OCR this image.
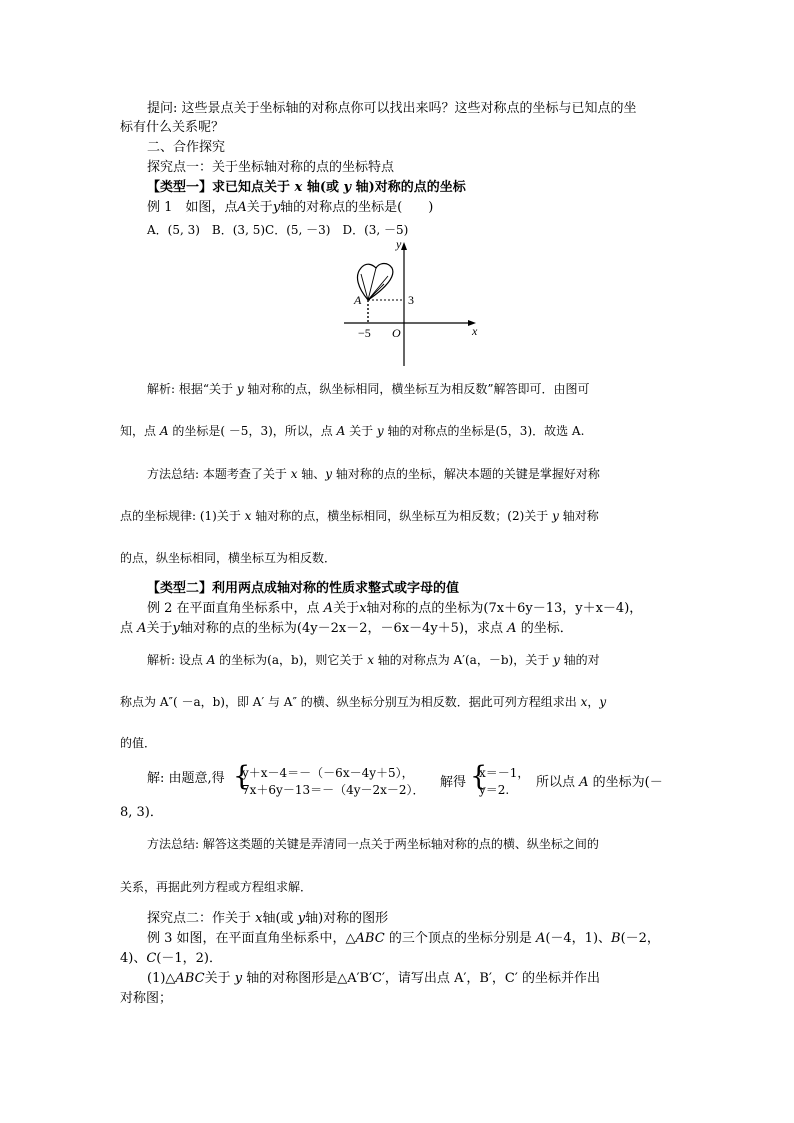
提问: 这些景点关于坐标轴的对称点你可以找出来吗？这些对称点的坐标与已知点的坐
标有什么关系呢？
二、合作探究
探究点一：关于坐标轴对称的点的坐标特点
【类型一】求已知点关于 x 轴(或 y 轴)对称的点的坐标
例 1　如图，点A关于y轴的对称点的坐标是(　　)
A．(5, 3)　B．(3, 5)C．(5, －3)　D．(3, －5)
y
x
A	3
−5 O
解析: 根据“关于 y 轴对称的点，纵坐标相同，横坐标互为相反数”解答即可．由图可
知，点 A 的坐标是( －5，3)，所以，点 A 关于 y 轴的对称点的坐标是(5，3)．故选 A.
方法总结: 本题考查了关于 x 轴、y 轴对称的点的坐标，解决本题的关键是掌握好对称
点的坐标规律: (1)关于 x 轴对称的点，横坐标相同，纵坐标互为相反数；(2)关于 y 轴对称
的点，纵坐标相同，横坐标互为相反数．
【类型二】利用两点成轴对称的性质求整式或字母的值
例 2 在平面直角坐标系中，点 A关于x轴对称的点的坐标为(7x＋6y－13，y＋x－4)，
点 A关于y轴对称的点的坐标为(4y－2x－2，－6x－4y＋5)，求点 A 的坐标．
解析: 设点 A 的坐标为(a，b)，则它关于 x 轴的对称点为 A′(a，－b)，关于 y 轴的对
称点为 A″( －a，b)，即 A′ 与 A″ 的横、纵坐标分别互为相反数．据此可列方程组求出 x，y
的值．
解: 由题意,得 {
y＋x－4＝－（－6x－4y＋5），
7x＋6y－13＝－（4y－2x－2）． 解得 {
x＝－1，
y＝2. 所以点 A 的坐标为(－
8, 3)．
方法总结: 解答这类题的关键是弄清同一点关于两坐标轴对称的点的横、纵坐标之间的
关系，再据此列方程或方程组求解．
探究点二：作关于 x轴(或 y轴)对称的图形
例 3 如图，在平面直角坐标系中，△ABC 的三个顶点的坐标分别是 A(－4，1)、B(－2，
4)、C(－1，2)．
(1)△ABC关于 y 轴的对称图形是△A′B′C′，请写出点 A′，B′，C′ 的坐标并作出
对称图；
